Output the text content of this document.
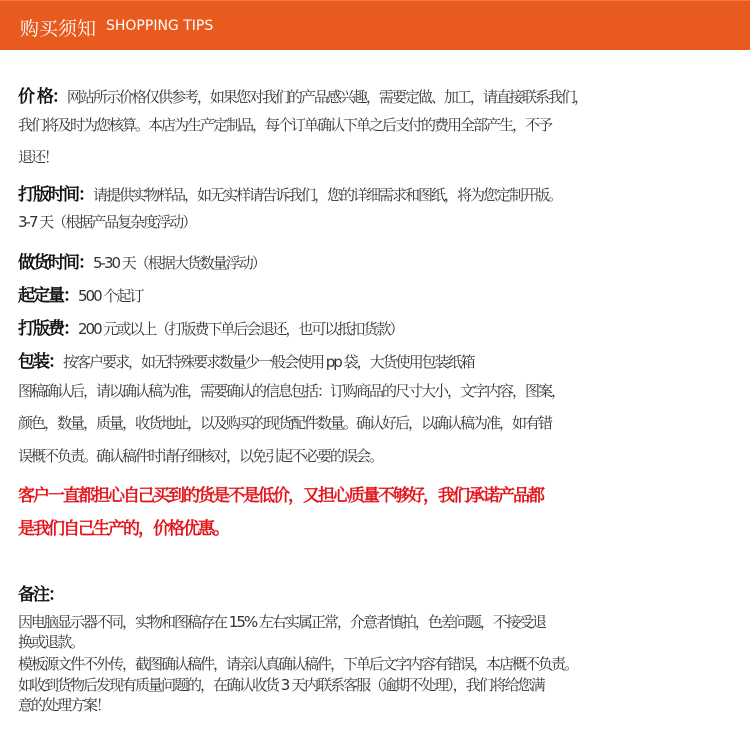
购买须知 SHOPPING TIPS
价 格：网站所示价格仅供参考，如果您对我们的产品感兴趣，需要定做、加工，请直接联系我们，
我们将及时为您核算。本店为生产定制品，每个订单确认下单之后支付的费用全部产生，不予
退还！
打版时间：请提供实物样品，如无实样请告诉我们，您的详细需求和图纸，将为您定制开版。
3-7 天（根据产品复杂度浮动）
做货时间：5-30 天（根据大货数量浮动）
起定量：500 个起订
打版费：200 元或以上（打版费下单后会退还，也可以抵扣货款）
包装：按客户要求，如无特殊要求数量少一般会使用 pp 袋，大货使用包装纸箱
图稿确认后，请以确认稿为准，需要确认的信息包括：订购商品的尺寸大小，文字内容，图案，
颜色，数量，质量，收货地址，以及购买的现货配件数量。确认好后，以确认稿为准，如有错
误概不负责。确认稿件时请仔细核对，以免引起不必要的误会。
客户一直都担心自己买到的货是不是低价，又担心质量不够好，我们承诺产品都
是我们自己生产的，价格优惠。
备注：
因电脑显示器不同，实物和图稿存在 15% 左右实属正常，介意者慎拍，色差问题，不接受退
换或退款。
模板源文件不外传，截图确认稿件，请亲认真确认稿件，下单后文字内容有错误，本店概不负责。
如收到货物后发现有质量问题的，在确认收货 3 天内联系客服（逾期不处理），我们将给您满
意的处理方案！
